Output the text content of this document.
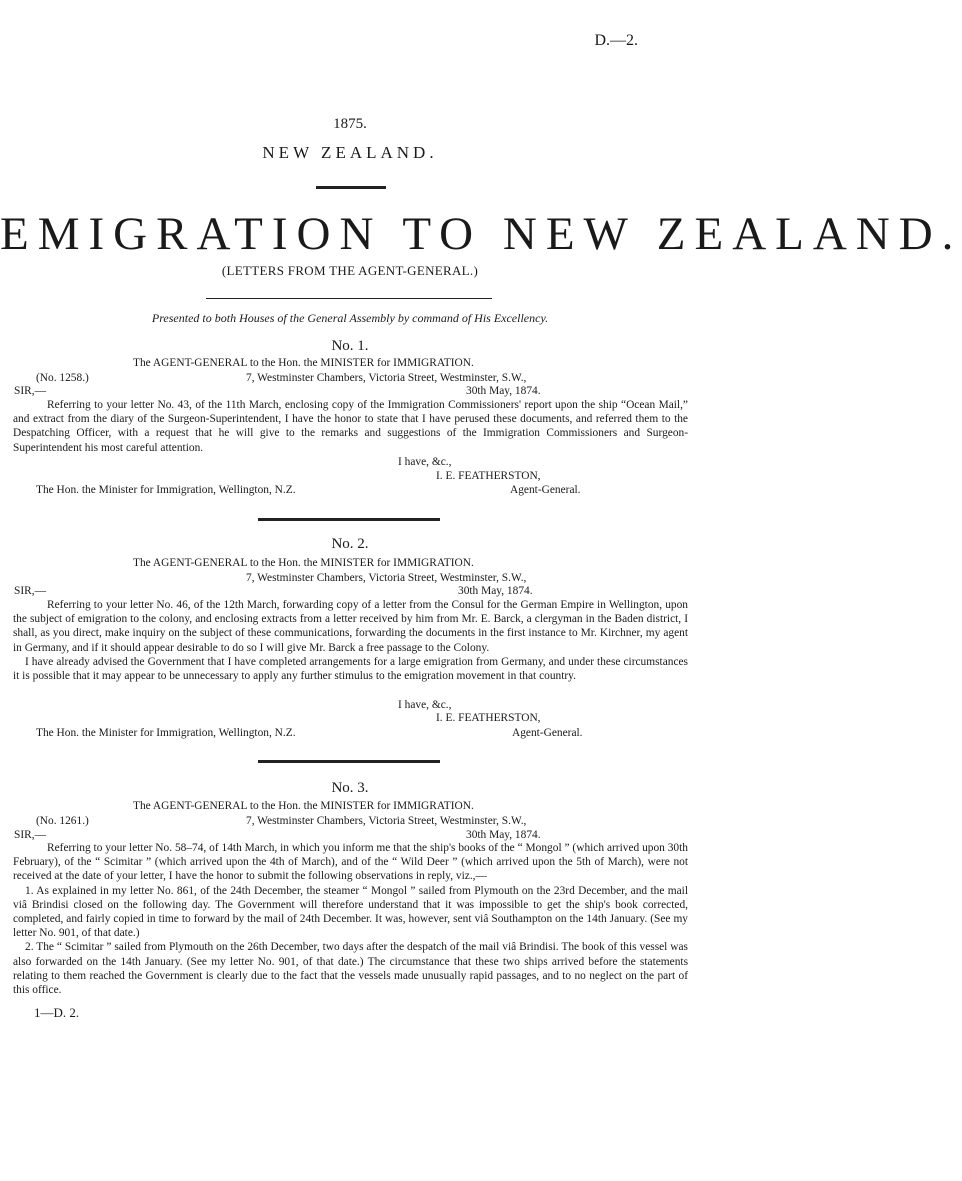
D.—2.
1875.
NEW ZEALAND.
EMIGRATION TO NEW ZEALAND.
(LETTERS FROM THE AGENT-GENERAL.)
Presented to both Houses of the General Assembly by command of His Excellency.
No. 1.
The AGENT-GENERAL to the Hon. the MINISTER for IMMIGRATION.
(No. 1258.)	7, Westminster Chambers, Victoria Street, Westminster, S.W.,
SIR,—	30th May, 1874.

Referring to your letter No. 43, of the 11th March, enclosing copy of the Immigration Commissioners' report upon the ship “Ocean Mail,” and extract from the diary of the Surgeon-Superintendent, I have the honor to state that I have perused these documents, and referred them to the Despatching Officer, with a request that he will give to the remarks and suggestions of the Immigration Commissioners and Surgeon-Superintendent his most careful attention.

I have, &c.,
I. E. FEATHERSTON,
The Hon. the Minister for Immigration, Wellington, N.Z.	Agent-General.
No. 2.
The AGENT-GENERAL to the Hon. the MINISTER for IMMIGRATION.
7, Westminster Chambers, Victoria Street, Westminster, S.W.,
SIR,—	30th May, 1874.

Referring to your letter No. 46, of the 12th March, forwarding copy of a letter from the Consul for the German Empire in Wellington, upon the subject of emigration to the colony, and enclosing extracts from a letter received by him from Mr. E. Barck, a clergyman in the Baden district, I shall, as you direct, make inquiry on the subject of these communications, forwarding the documents in the first instance to Mr. Kirchner, my agent in Germany, and if it should appear desirable to do so I will give Mr. Barck a free passage to the Colony.

I have already advised the Government that I have completed arrangements for a large emigration from Germany, and under these circumstances it is possible that it may appear to be unnecessary to apply any further stimulus to the emigration movement in that country.

I have, &c.,
I. E. FEATHERSTON,
The Hon. the Minister for Immigration, Wellington, N.Z.	Agent-General.
No. 3.
The AGENT-GENERAL to the Hon. the MINISTER for IMMIGRATION.
(No. 1261.)	7, Westminster Chambers, Victoria Street, Westminster, S.W.,
SIR,—	30th May, 1874.

Referring to your letter No. 58–74, of 14th March, in which you inform me that the ship's books of the “ Mongol ” (which arrived upon 30th February), of the “ Scimitar ” (which arrived upon the 4th of March), and of the “ Wild Deer ” (which arrived upon the 5th of March), were not received at the date of your letter, I have the honor to submit the following observations in reply, viz.,—

1. As explained in my letter No. 861, of the 24th December, the steamer “ Mongol ” sailed from Plymouth on the 23rd December, and the mail viâ Brindisi closed on the following day. The Government will therefore understand that it was impossible to get the ship's book corrected, completed, and fairly copied in time to forward by the mail of 24th December. It was, however, sent viâ Southampton on the 14th January. (See my letter No. 901, of that date.)

2. The “ Scimitar ” sailed from Plymouth on the 26th December, two days after the despatch of the mail viâ Brindisi. The book of this vessel was also forwarded on the 14th January. (See my letter No. 901, of that date.) The circumstance that these two ships arrived before the statements relating to them reached the Government is clearly due to the fact that the vessels made unusually rapid passages, and to no neglect on the part of this office.

1—D. 2.
